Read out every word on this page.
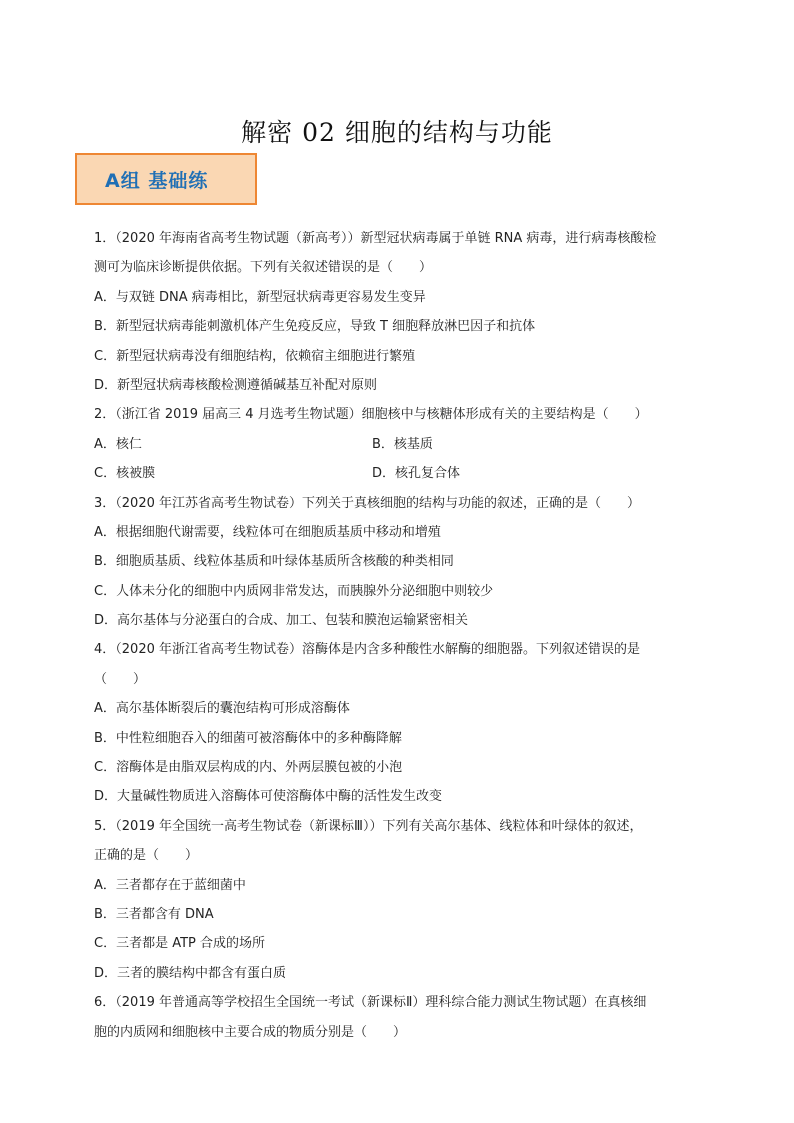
解密 02 细胞的结构与功能
A组 基础练
1．（2020 年海南省高考生物试题（新高考））新型冠状病毒属于单链 RNA 病毒，进行病毒核酸检
测可为临床诊断提供依据。下列有关叙述错误的是（　　）
A．与双链 DNA 病毒相比，新型冠状病毒更容易发生变异
B．新型冠状病毒能刺激机体产生免疫反应，导致 T 细胞释放淋巴因子和抗体
C．新型冠状病毒没有细胞结构，依赖宿主细胞进行繁殖
D．新型冠状病毒核酸检测遵循碱基互补配对原则
2．（浙江省 2019 届高三 4 月选考生物试题）细胞核中与核糖体形成有关的主要结构是（　　）
A．核仁	B．核基质
C．核被膜	D．核孔复合体
3．（2020 年江苏省高考生物试卷）下列关于真核细胞的结构与功能的叙述，正确的是（　　）
A．根据细胞代谢需要，线粒体可在细胞质基质中移动和增殖
B．细胞质基质、线粒体基质和叶绿体基质所含核酸的种类相同
C．人体未分化的细胞中内质网非常发达，而胰腺外分泌细胞中则较少
D．高尔基体与分泌蛋白的合成、加工、包装和膜泡运输紧密相关
4．（2020 年浙江省高考生物试卷）溶酶体是内含多种酸性水解酶的细胞器。下列叙述错误的是
（　　）
A．高尔基体断裂后的囊泡结构可形成溶酶体
B．中性粒细胞吞入的细菌可被溶酶体中的多种酶降解
C．溶酶体是由脂双层构成的内、外两层膜包被的小泡
D．大量碱性物质进入溶酶体可使溶酶体中酶的活性发生改变
5．（2019 年全国统一高考生物试卷（新课标Ⅲ））下列有关高尔基体、线粒体和叶绿体的叙述，
正确的是（　　）
A．三者都存在于蓝细菌中
B．三者都含有 DNA
C．三者都是 ATP 合成的场所
D．三者的膜结构中都含有蛋白质
6．（2019 年普通高等学校招生全国统一考试（新课标Ⅱ）理科综合能力测试生物试题）在真核细
胞的内质网和细胞核中主要合成的物质分别是（　　）
